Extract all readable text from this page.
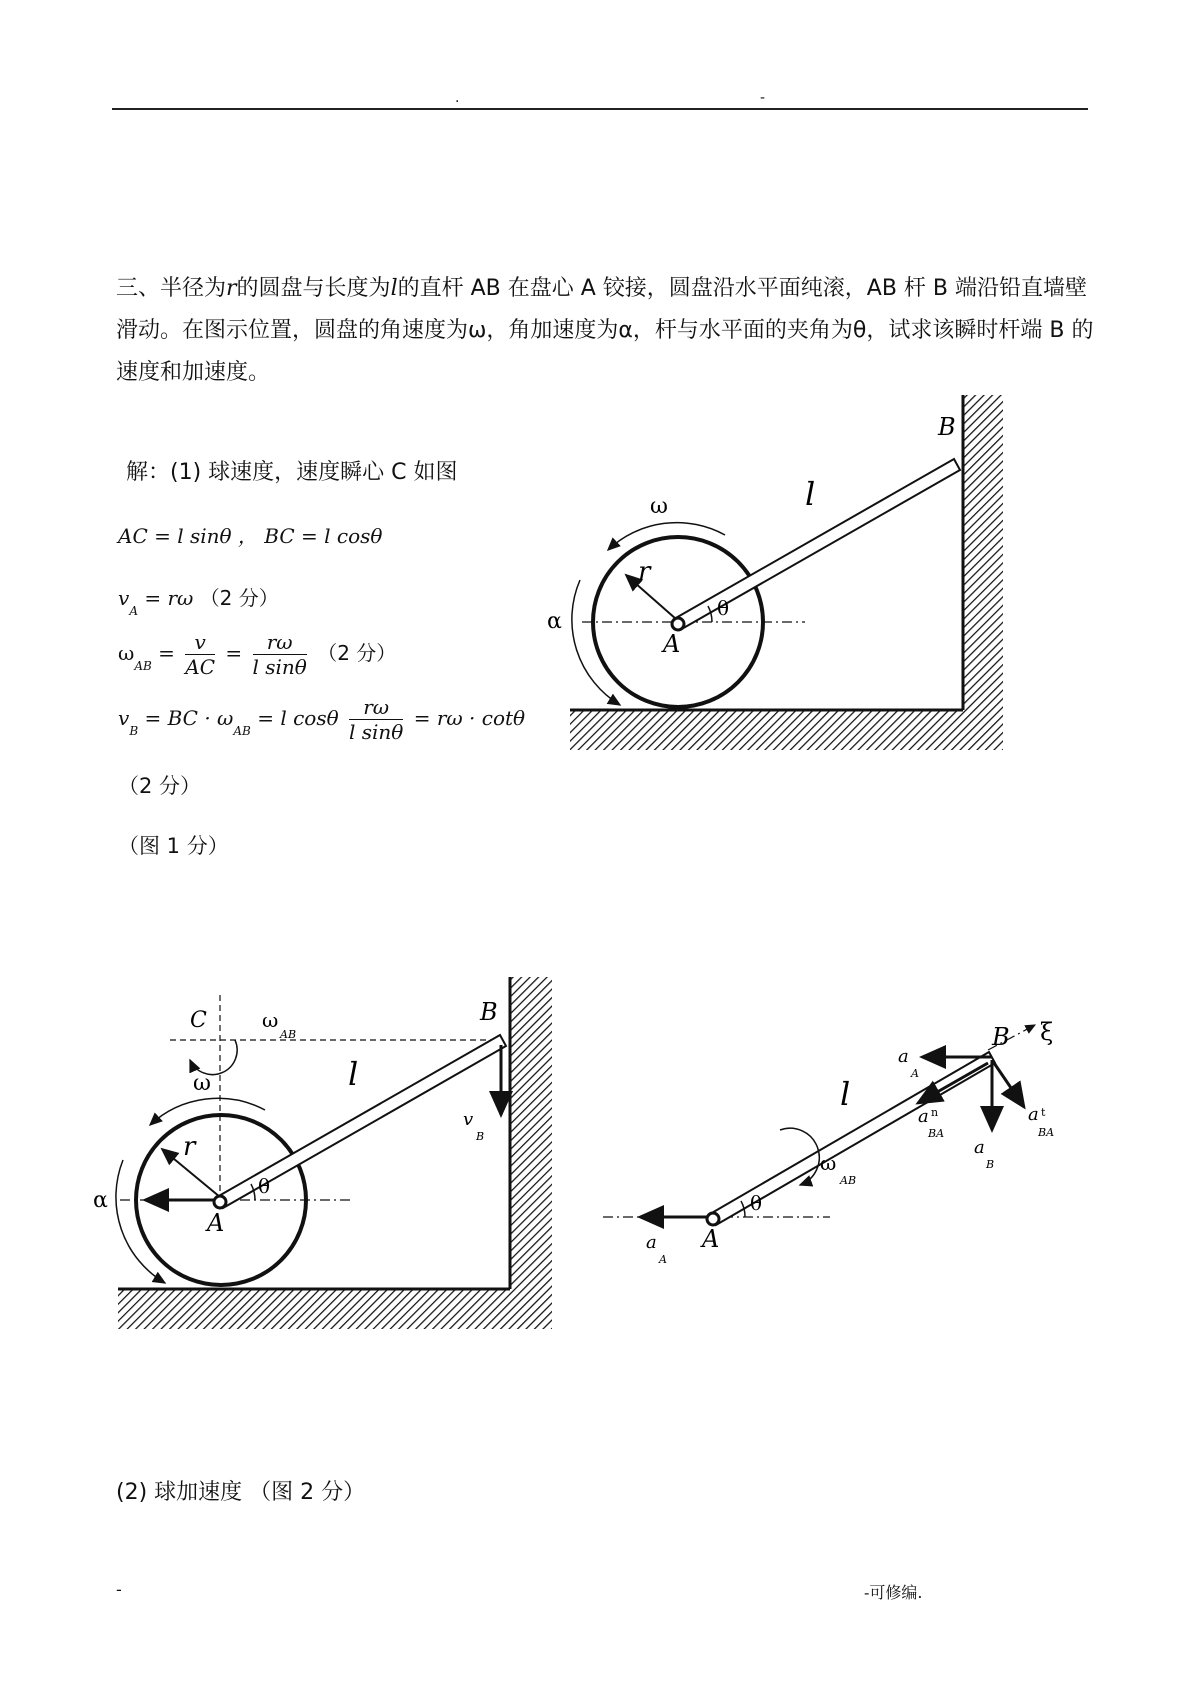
.	-
三、半径为r的圆盘与长度为l的直杆 AB 在盘心 A 铰接，圆盘沿水平面纯滚，AB 杆 B 端沿铅直墙壁滑动。在图示位置，圆盘的角速度为ω，角加速度为α，杆与水平面的夹角为θ，试求该瞬时杆端 B 的速度和加速度。
解：(1) 球速度，速度瞬心 C 如图
AC = l sinθ ， BC = l cosθ
$v_A = r\omega$ （2 分）
$\omega_{AB} = \frac{v}{AC} = \frac{r\omega}{\text{l sinθ}} (2$ 分）
$v_B$ = BC · $\omega_{AB} = l$ cosθ $\frac{r\omega}{\text{l sinθ}} = r\omega \cdot \cot\theta$
（2 分）
（图 1 分）
B
l
ω
r
θ
α
A
C	ω
AB
B
l
ω
v
B
r
θ
α
A
B ξ
a
A
l
a n
BA
a t
BA
a
B
ω
AB
θ
A
a
A
(2) 球加速度 （图 2 分）
-	-可修编.
